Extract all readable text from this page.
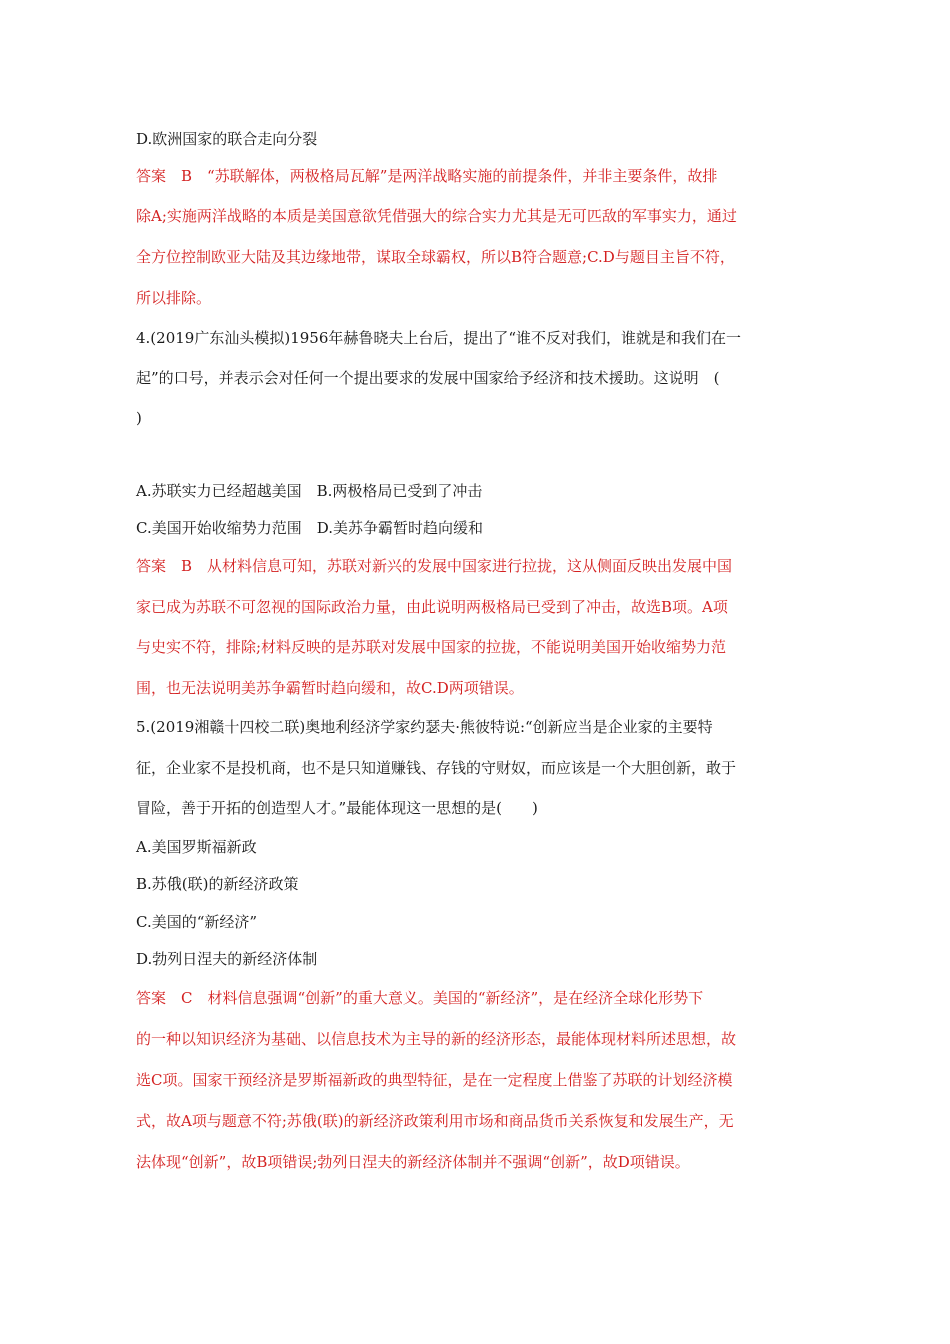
D.欧洲国家的联合走向分裂
答案　B　“苏联解体，两极格局瓦解”是两洋战略实施的前提条件，并非主要条件，故排
除A;实施两洋战略的本质是美国意欲凭借强大的综合实力尤其是无可匹敌的军事实力，通过
全方位控制欧亚大陆及其边缘地带，谋取全球霸权，所以B符合题意;C.D与题目主旨不符，
所以排除。
4.(2019广东汕头模拟)1956年赫鲁晓夫上台后，提出了“谁不反对我们，谁就是和我们在一
起”的口号，并表示会对任何一个提出要求的发展中国家给予经济和技术援助。这说明　(
)
A.苏联实力已经超越美国　B.两极格局已受到了冲击
C.美国开始收缩势力范围　D.美苏争霸暂时趋向缓和
答案　B　从材料信息可知，苏联对新兴的发展中国家进行拉拢，这从侧面反映出发展中国
家已成为苏联不可忽视的国际政治力量，由此说明两极格局已受到了冲击，故选B项。A项
与史实不符，排除;材料反映的是苏联对发展中国家的拉拢，不能说明美国开始收缩势力范
围，也无法说明美苏争霸暂时趋向缓和，故C.D两项错误。
5.(2019湘赣十四校二联)奥地利经济学家约瑟夫·熊彼特说:“创新应当是企业家的主要特
征，企业家不是投机商，也不是只知道赚钱、存钱的守财奴，而应该是一个大胆创新，敢于
冒险，善于开拓的创造型人才。”最能体现这一思想的是(　　)
A.美国罗斯福新政
B.苏俄(联)的新经济政策
C.美国的“新经济”
D.勃列日涅夫的新经济体制
答案　C　材料信息强调“创新”的重大意义。美国的“新经济”，是在经济全球化形势下
的一种以知识经济为基础、以信息技术为主导的新的经济形态，最能体现材料所述思想，故
选C项。国家干预经济是罗斯福新政的典型特征，是在一定程度上借鉴了苏联的计划经济模
式，故A项与题意不符;苏俄(联)的新经济政策利用市场和商品货币关系恢复和发展生产，无
法体现“创新”，故B项错误;勃列日涅夫的新经济体制并不强调“创新”，故D项错误。
